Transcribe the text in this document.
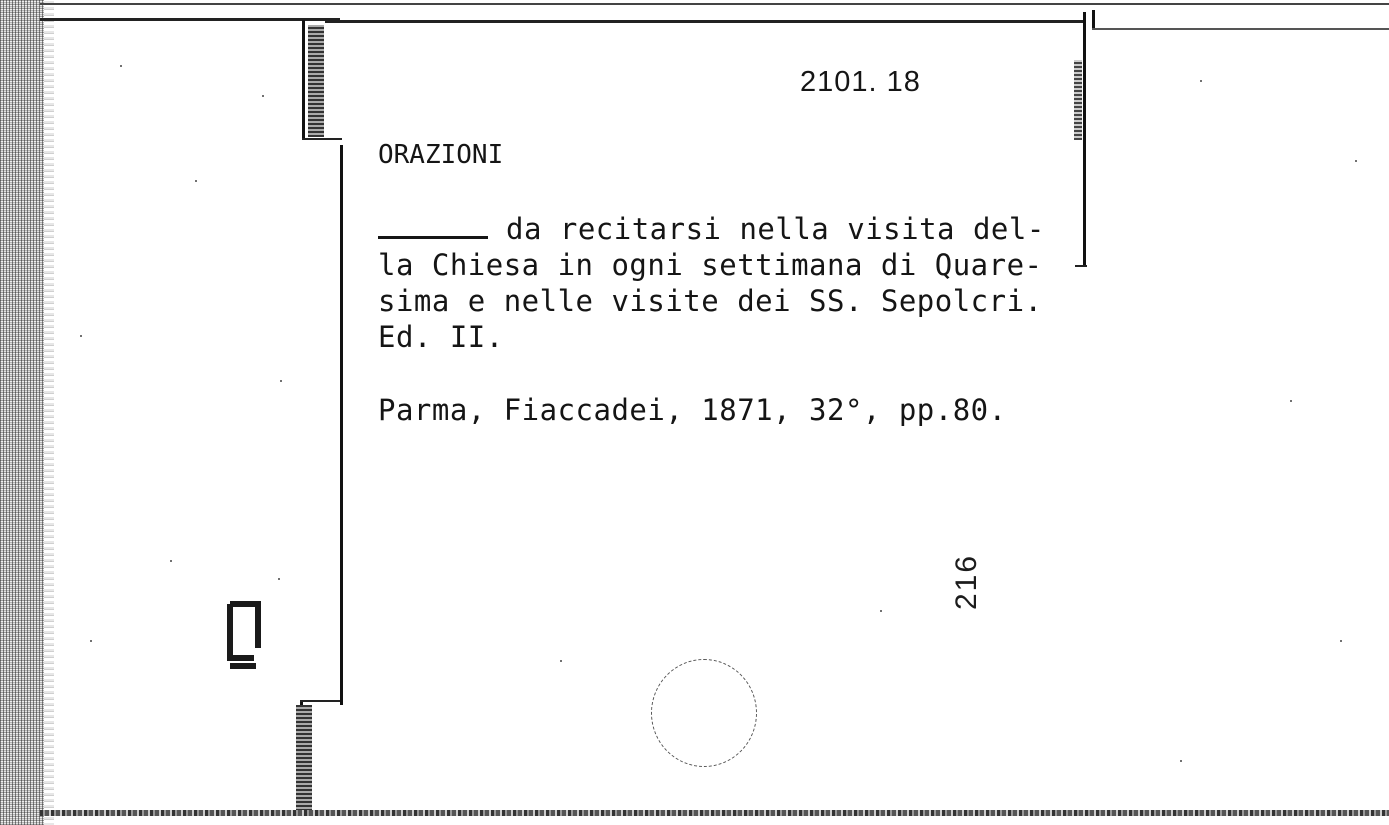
2101. 18
ORAZIONI
da recitarsi nella visita del-
la Chiesa in ogni settimana di Quare-
sima e nelle visite dei SS. Sepolcri.
Ed. II.
Parma, Fiaccadei, 1871, 32°, pp.80.
216
